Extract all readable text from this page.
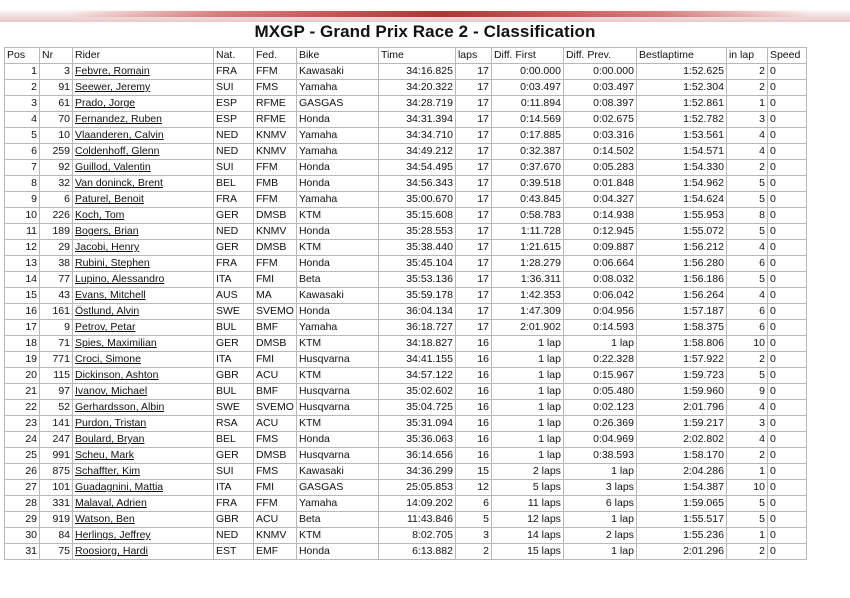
MXGP - Grand Prix Race 2 - Classification
Pos	Nr	Rider	Nat.	Fed.	Bike	Time	laps	Diff. First	Diff. Prev.	Bestlaptime	in lap	Speed
1	3	Febvre, Romain	FRA	FFM	Kawasaki	34:16.825	17	0:00.000	0:00.000	1:52.625	2	0
2	91	Seewer, Jeremy	SUI	FMS	Yamaha	34:20.322	17	0:03.497	0:03.497	1:52.304	2	0
3	61	Prado, Jorge	ESP	RFME	GASGAS	34:28.719	17	0:11.894	0:08.397	1:52.861	1	0
4	70	Fernandez, Ruben	ESP	RFME	Honda	34:31.394	17	0:14.569	0:02.675	1:52.782	3	0
5	10	Vlaanderen, Calvin	NED	KNMV	Yamaha	34:34.710	17	0:17.885	0:03.316	1:53.561	4	0
6	259	Coldenhoff, Glenn	NED	KNMV	Yamaha	34:49.212	17	0:32.387	0:14.502	1:54.571	4	0
7	92	Guillod, Valentin	SUI	FFM	Honda	34:54.495	17	0:37.670	0:05.283	1:54.330	2	0
8	32	Van doninck, Brent	BEL	FMB	Honda	34:56.343	17	0:39.518	0:01.848	1:54.962	5	0
9	6	Paturel, Benoit	FRA	FFM	Yamaha	35:00.670	17	0:43.845	0:04.327	1:54.624	5	0
10	226	Koch, Tom	GER	DMSB	KTM	35:15.608	17	0:58.783	0:14.938	1:55.953	8	0
11	189	Bogers, Brian	NED	KNMV	Honda	35:28.553	17	1:11.728	0:12.945	1:55.072	5	0
12	29	Jacobi, Henry	GER	DMSB	KTM	35:38.440	17	1:21.615	0:09.887	1:56.212	4	0
13	38	Rubini, Stephen	FRA	FFM	Honda	35:45.104	17	1:28.279	0:06.664	1:56.280	6	0
14	77	Lupino, Alessandro	ITA	FMI	Beta	35:53.136	17	1:36.311	0:08.032	1:56.186	5	0
15	43	Evans, Mitchell	AUS	MA	Kawasaki	35:59.178	17	1:42.353	0:06.042	1:56.264	4	0
16	161	Östlund, Alvin	SWE	SVEMO	Honda	36:04.134	17	1:47.309	0:04.956	1:57.187	6	0
17	9	Petrov, Petar	BUL	BMF	Yamaha	36:18.727	17	2:01.902	0:14.593	1:58.375	6	0
18	71	Spies, Maximilian	GER	DMSB	KTM	34:18.827	16	1 lap	1 lap	1:58.806	10	0
19	771	Croci, Simone	ITA	FMI	Husqvarna	34:41.155	16	1 lap	0:22.328	1:57.922	2	0
20	115	Dickinson, Ashton	GBR	ACU	KTM	34:57.122	16	1 lap	0:15.967	1:59.723	5	0
21	97	Ivanov, Michael	BUL	BMF	Husqvarna	35:02.602	16	1 lap	0:05.480	1:59.960	9	0
22	52	Gerhardsson, Albin	SWE	SVEMO	Husqvarna	35:04.725	16	1 lap	0:02.123	2:01.796	4	0
23	141	Purdon, Tristan	RSA	ACU	KTM	35:31.094	16	1 lap	0:26.369	1:59.217	3	0
24	247	Boulard, Bryan	BEL	FMS	Honda	35:36.063	16	1 lap	0:04.969	2:02.802	4	0
25	991	Scheu, Mark	GER	DMSB	Husqvarna	36:14.656	16	1 lap	0:38.593	1:58.170	2	0
26	875	Schaffter, Kim	SUI	FMS	Kawasaki	34:36.299	15	2 laps	1 lap	2:04.286	1	0
27	101	Guadagnini, Mattia	ITA	FMI	GASGAS	25:05.853	12	5 laps	3 laps	1:54.387	10	0
28	331	Malaval, Adrien	FRA	FFM	Yamaha	14:09.202	6	11 laps	6 laps	1:59.065	5	0
29	919	Watson, Ben	GBR	ACU	Beta	11:43.846	5	12 laps	1 lap	1:55.517	5	0
30	84	Herlings, Jeffrey	NED	KNMV	KTM	8:02.705	3	14 laps	2 laps	1:55.236	1	0
31	75	Roosiorg, Hardi	EST	EMF	Honda	6:13.882	2	15 laps	1 lap	2:01.296	2	0
